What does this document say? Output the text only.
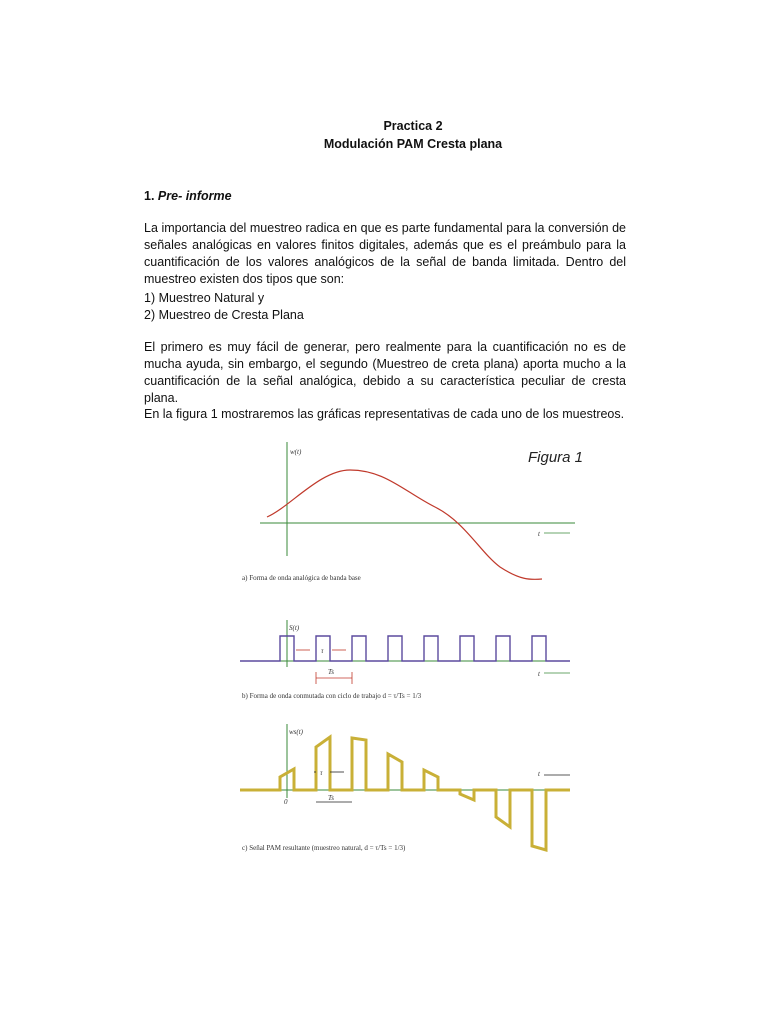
Practica 2
Modulación PAM Cresta plana
1. Pre- informe

La importancia del muestreo radica en que es parte fundamental para la conversión de señales analógicas en valores finitos digitales, además que es el preámbulo para la cuantificación de los valores analógicos de la señal de banda limitada. Dentro del muestreo existen dos tipos que son:

1) Muestreo Natural y
2) Muestreo de Cresta Plana

El primero es muy fácil de generar, pero realmente para la cuantificación no es de mucha ayuda, sin embargo, el segundo (Muestreo de creta plana) aporta mucho a la cuantificación de la señal analógica, debido a su característica peculiar de cresta plana.

En la figura 1 mostraremos las gráficas representativas de cada uno de los muestreos.

Figura 1
w(t)
t
a) Forma de onda analógica de banda base
S(t)
τ
Ts	t
b) Forma de onda conmutada con ciclo de trabajo d = τ/Ts = 1/3
ws(t)
τ
Ts
0
t
c) Señal PAM resultante (muestreo natural, d = τ/Ts = 1/3)
